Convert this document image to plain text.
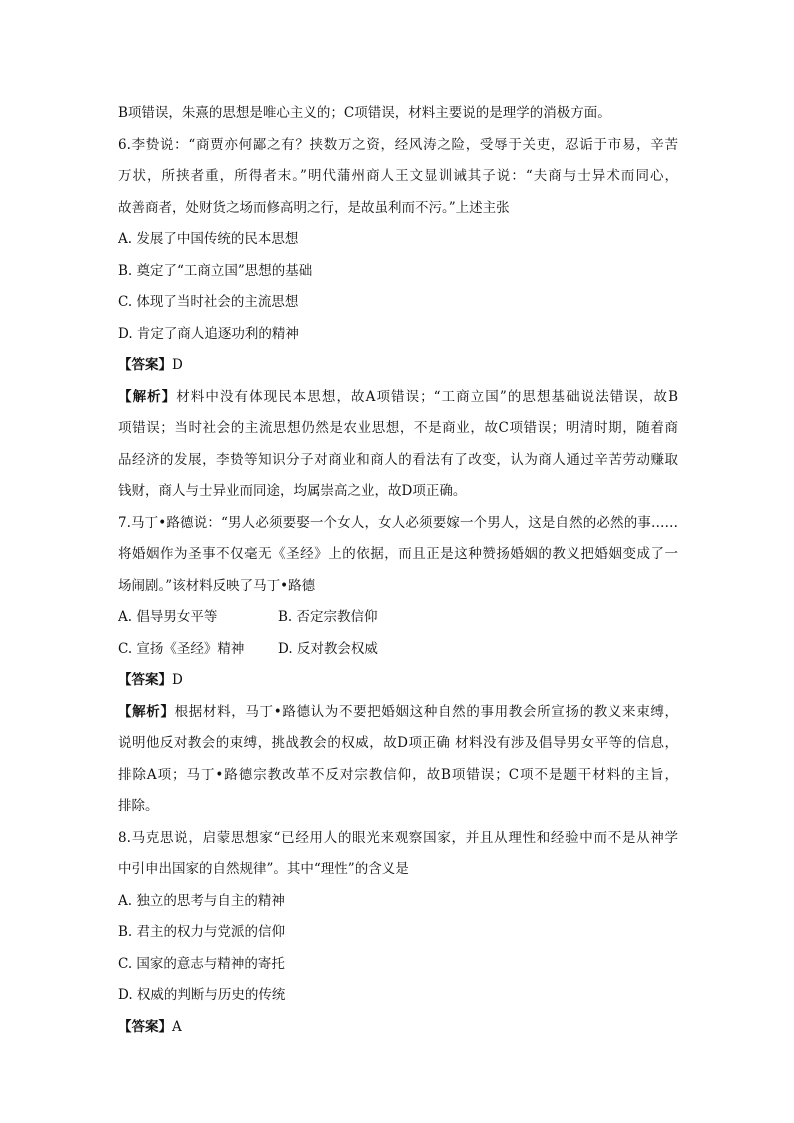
B项错误，朱熹的思想是唯心主义的；C项错误，材料主要说的是理学的消极方面。
6.李贽说：“商贾亦何鄙之有？挟数万之资，经风涛之险，受辱于关吏，忍诟于市易，辛苦
万状，所挟者重，所得者末。”明代蒲州商人王文显训诫其子说：“夫商与士异术而同心，
故善商者，处财货之场而修高明之行，是故虽利而不污。”上述主张
A. 发展了中国传统的民本思想
B. 奠定了“工商立国”思想的基础
C. 体现了当时社会的主流思想
D. 肯定了商人追逐功利的精神
【答案】D
【解析】材料中没有体现民本思想，故A项错误；“工商立国”的思想基础说法错误，故B
项错误；当时社会的主流思想仍然是农业思想，不是商业，故C项错误；明清时期，随着商
品经济的发展，李贽等知识分子对商业和商人的看法有了改变，认为商人通过辛苦劳动赚取
钱财，商人与士异业而同途，均属崇高之业，故D项正确。
7.马丁•路德说：“男人必须要娶一个女人，女人必须要嫁一个男人，这是自然的必然的事……
将婚姻作为圣事不仅毫无《圣经》上的依据，而且正是这种赞扬婚姻的教义把婚姻变成了一
场闹剧。”该材料反映了马丁•路德
A. 倡导男女平等	B. 否定宗教信仰
C. 宣扬《圣经》精神	D. 反对教会权威
【答案】D
【解析】根据材料，马丁•路德认为不要把婚姻这种自然的事用教会所宣扬的教义来束缚，
说明他反对教会的束缚，挑战教会的权威，故D项正确 材料没有涉及倡导男女平等的信息，
排除A项；马丁•路德宗教改革不反对宗教信仰，故B项错误；C项不是题干材料的主旨，
排除。
8.马克思说，启蒙思想家“已经用人的眼光来观察国家，并且从理性和经验中而不是从神学
中引申出国家的自然规律”。其中“理性”的含义是
A. 独立的思考与自主的精神
B. 君主的权力与党派的信仰
C. 国家的意志与精神的寄托
D. 权威的判断与历史的传统
【答案】A
